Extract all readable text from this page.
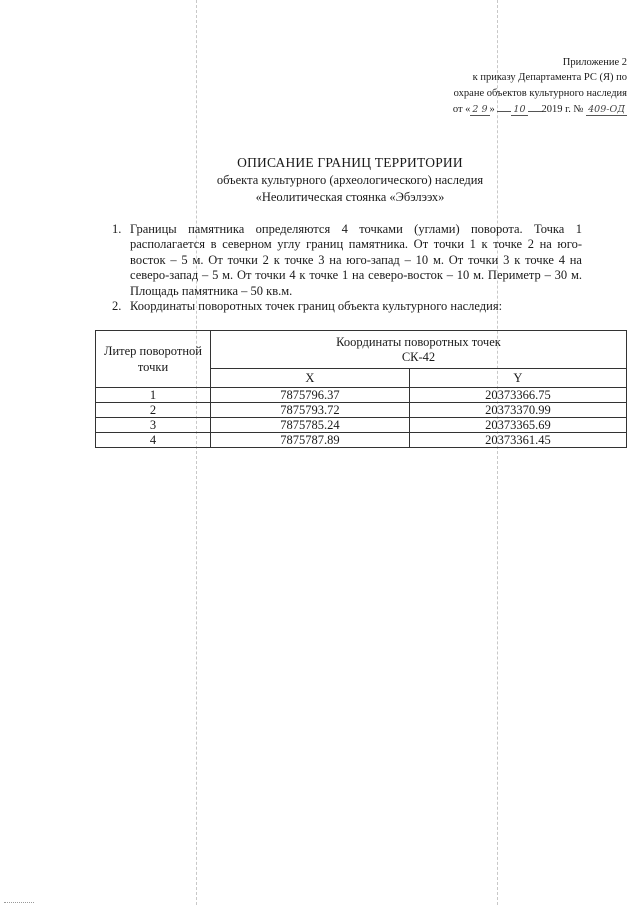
Приложение 2
к приказу Департамента РС (Я) по
охране объектов культурного наследия
от « 2 9 » 10 2019 г. № 409-ОД
ОПИСАНИЕ ГРАНИЦ ТЕРРИТОРИИ
объекта культурного (археологического) наследия
«Неолитическая стоянка «Эбэлээх»
1. Границы памятника определяются 4 точками (углами) поворота. Точка 1 располагается в северном углу границ памятника. От точки 1 к точке 2 на юго-восток – 5 м. От точки 2 к точке 3 на юго-запад – 10 м. От точки 3 к точке 4 на северо-запад – 5 м. От точки 4 к точке 1 на северо-восток – 10 м. Периметр – 30 м. Площадь памятника – 50 кв.м.
2. Координаты поворотных точек границ объекта культурного наследия:
Литер поворотной точки	Координаты поворотных точек
СК-42	
	X	Y
1	7875796.37	20373366.75
2	7875793.72	20373370.99
3	7875785.24	20373365.69
4	7875787.89	20373361.45
